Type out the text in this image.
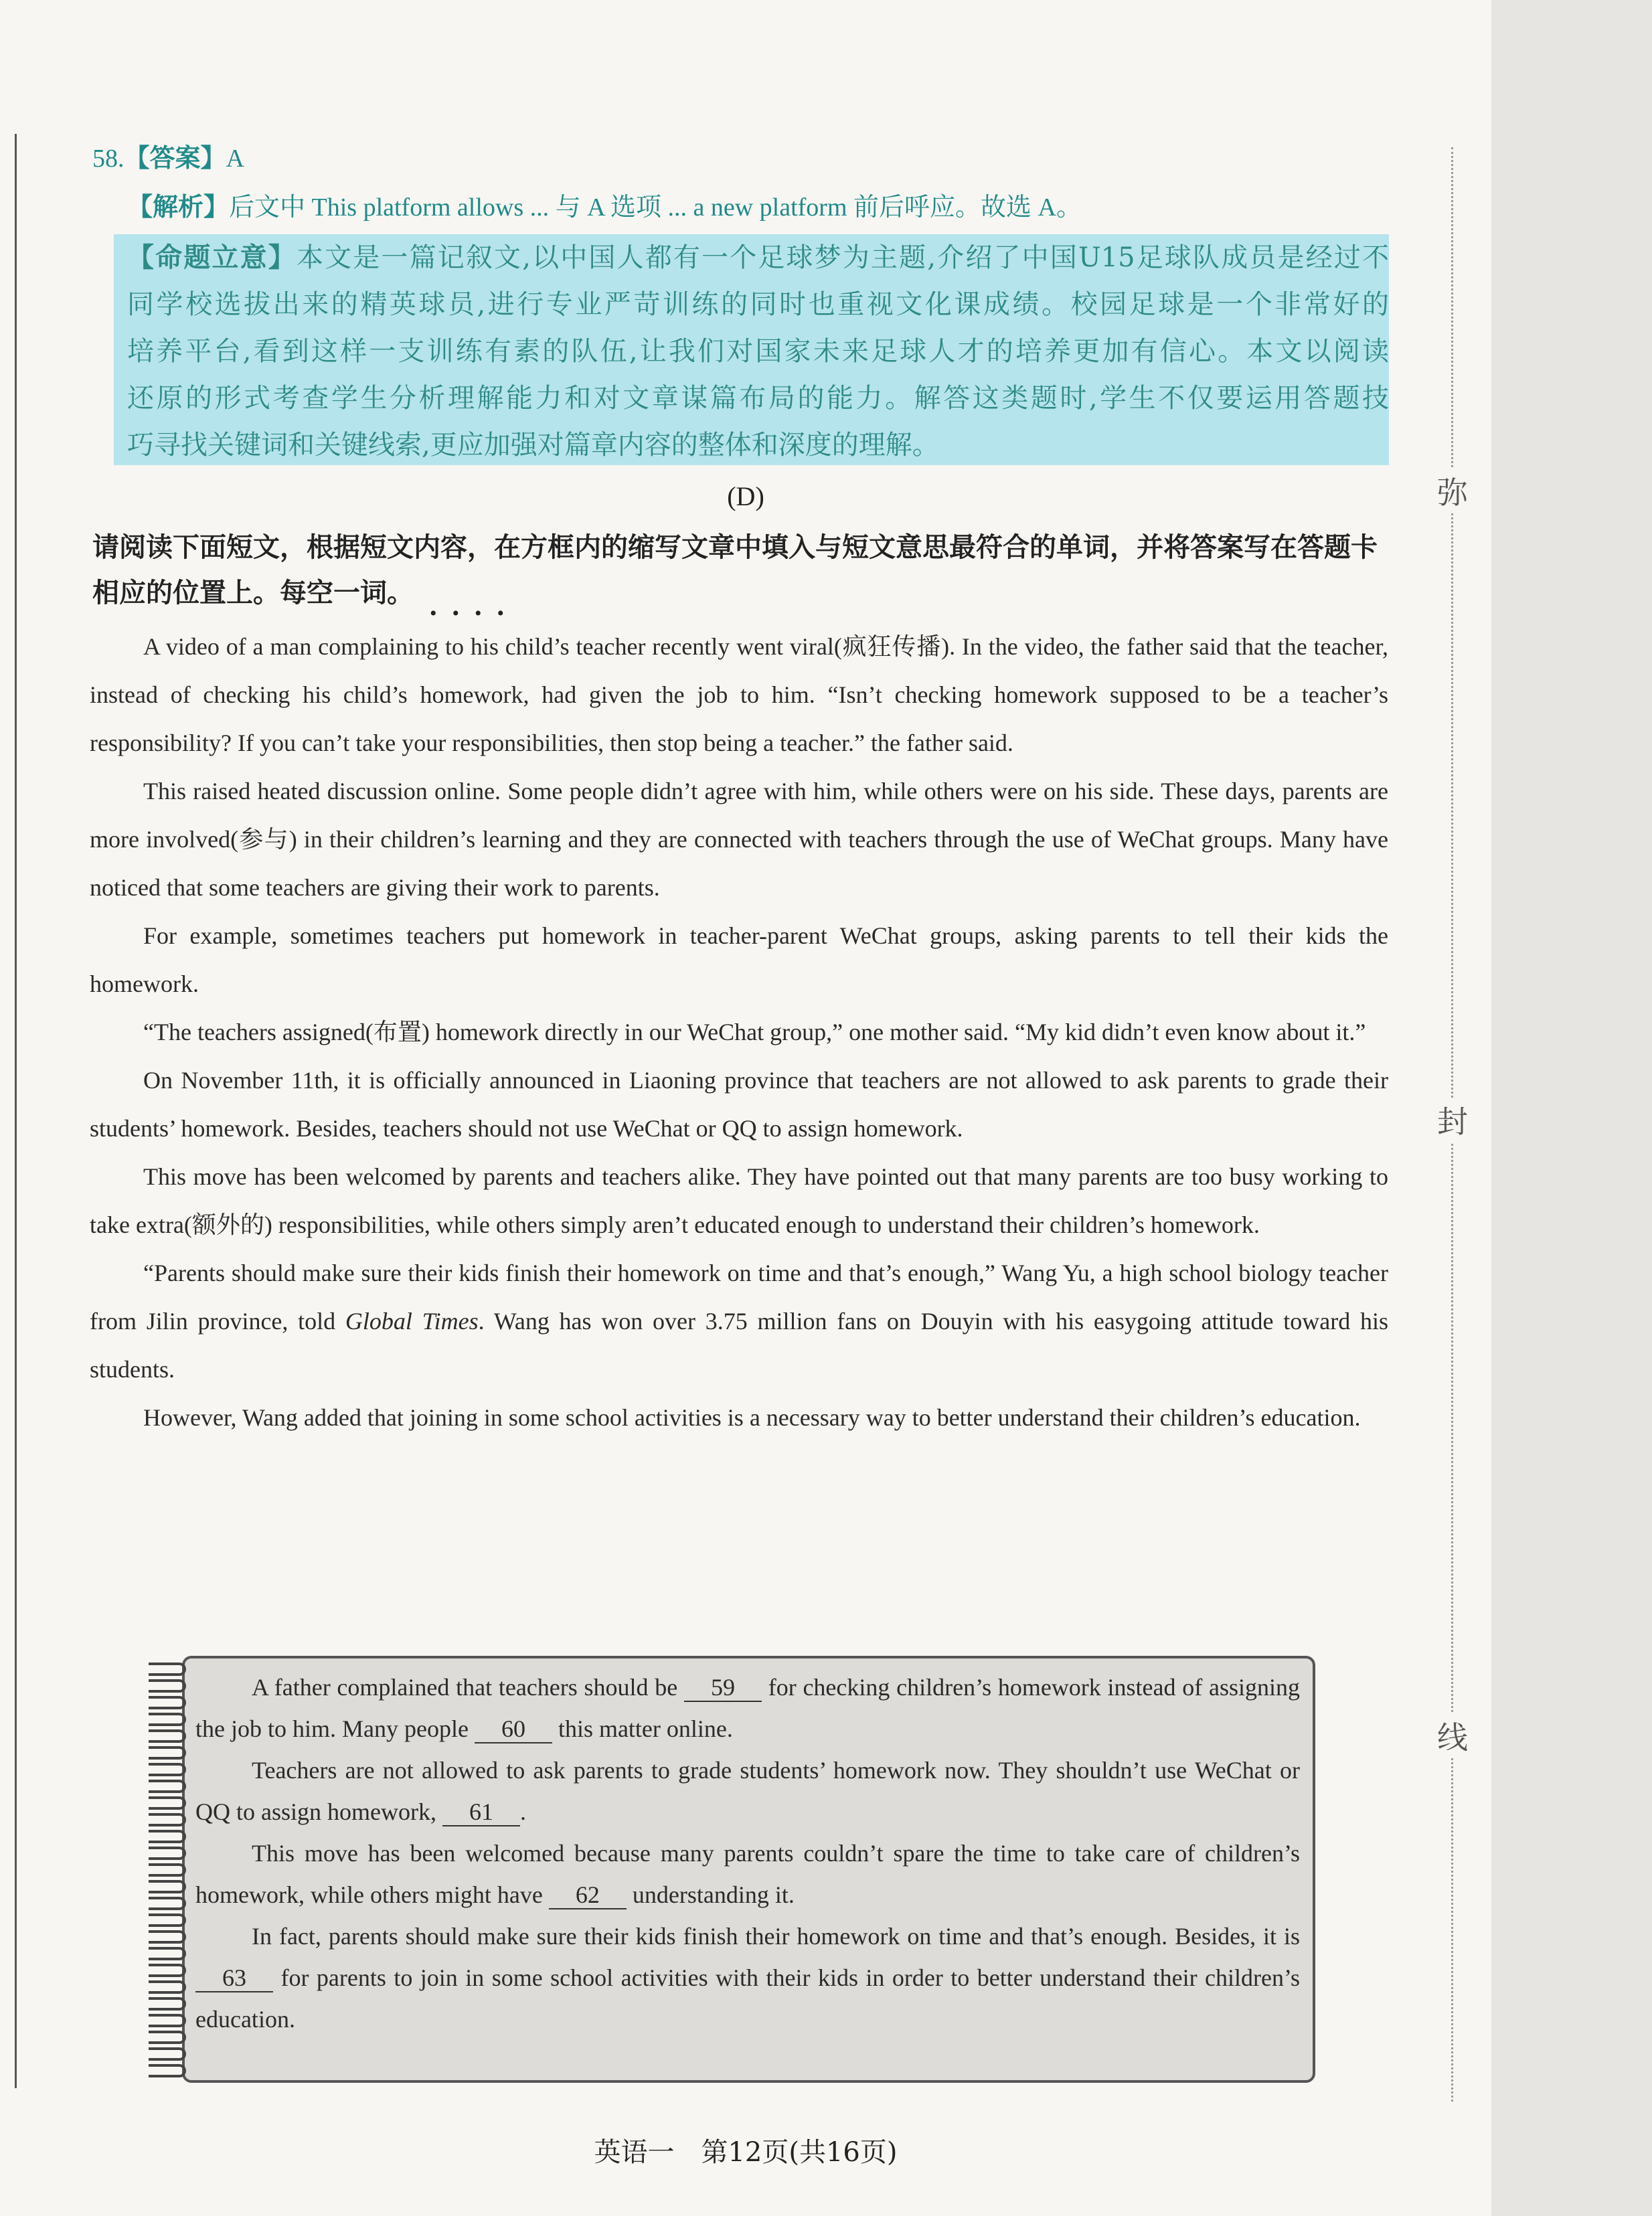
弥
封
线
58.【答案】A
【解析】后文中 This platform allows ... 与 A 选项 ... a new platform 前后呼应。故选 A。
【命题立意】本文是一篇记叙文,以中国人都有一个足球梦为主题,介绍了中国U15足球队成员是经过不
同学校选拔出来的精英球员,进行专业严苛训练的同时也重视文化课成绩。校园足球是一个非常好的
培养平台,看到这样一支训练有素的队伍,让我们对国家未来足球人才的培养更加有信心。本文以阅读
还原的形式考查学生分析理解能力和对文章谋篇布局的能力。解答这类题时,学生不仅要运用答题技
巧寻找关键词和关键线索,更应加强对篇章内容的整体和深度的理解。
(D)

请阅读下面短文，根据短文内容，在方框内的缩写文章中填入与短文意思最符合的单词，并将答案写在答题卡相应的位置上。每空一词。

••••

A video of a man complaining to his child’s teacher recently went viral(疯狂传播). In the video, the father said that the teacher, instead of checking his child’s homework, had given the job to him. “Isn’t checking homework supposed to be a teacher’s responsibility? If you can’t take your responsibilities, then stop being a teacher.” the father said.

This raised heated discussion online. Some people didn’t agree with him, while others were on his side. These days, parents are more involved(参与) in their children’s learning and they are connected with teachers through the use of WeChat groups. Many have noticed that some teachers are giving their work to parents.

For example, sometimes teachers put homework in teacher-parent WeChat groups, asking parents to tell their kids the homework.

“The teachers assigned(布置) homework directly in our WeChat group,” one mother said. “My kid didn’t even know about it.”

On November 11th, it is officially announced in Liaoning province that teachers are not allowed to ask parents to grade their students’ homework. Besides, teachers should not use WeChat or QQ to assign homework.

This move has been welcomed by parents and teachers alike. They have pointed out that many parents are too busy working to take extra(额外的) responsibilities, while others simply aren’t educated enough to understand their children’s homework.

“Parents should make sure their kids finish their homework on time and that’s enough,” Wang Yu, a high school biology teacher from Jilin province, told Global Times. Wang has won over 3.75 million fans on Douyin with his easygoing attitude toward his students.

However, Wang added that joining in some school activities is a necessary way to better understand their children’s education.

A father complained that teachers should be 59 for checking children’s homework instead of assigning the job to him. Many people 60 this matter online.

Teachers are not allowed to ask parents to grade students’ homework now. They shouldn’t use WeChat or QQ to assign homework, 61 .

This move has been welcomed because many parents couldn’t spare the time to take care of children’s homework, while others might have 62 understanding it.

In fact, parents should make sure their kids finish their homework on time and that’s enough. Besides, it is 63 for parents to join in some school activities with their kids in order to better understand their children’s education.

英语一　第12页(共16页)
